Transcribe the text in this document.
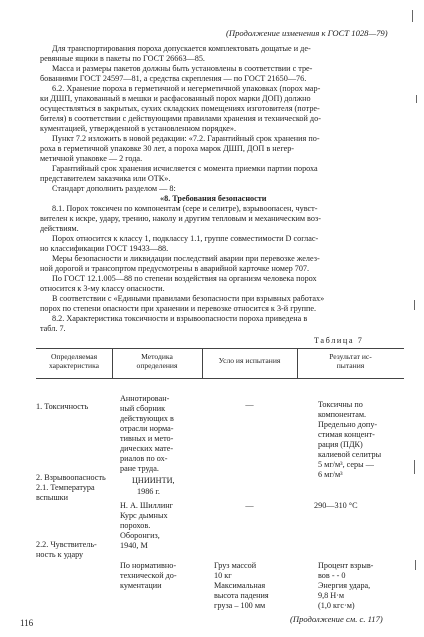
(Продолжение изменения к ГОСТ 1028—79)
Для транспортирования пороха допускается комплектовать дощатые и де-
ревянные ящики в пакеты по ГОСТ 26663—85.
Масса и размеры пакетов должны быть установлены в соответствии с тре-
бованиями ГОСТ 24597—81, а средства скрепления — по ГОСТ 21650—76.
6.2. Хранение пороха в герметичной и негерметичной упаковках (порох мар-
ки ДШП, упакованный в мешки и расфасованный порох марки ДОП) должно
осуществляться в закрытых, сухих складских помещениях изготовителя (потре-
бителя) в соответствии с действующими правилами хранения и технической до-
кументацией, утвержденной в установленном порядке».
Пункт 7.2 изложить в новой редакции: «7.2. Гарантийный срок хранения по-
роха в герметичной упаковке 30 лет, а пороха марок ДШП, ДОП в негер-
метичной упаковке — 2 года.
Гарантийный срок хранения исчисляется с момента приемки партии пороха
представителем заказчика или ОТК».
Стандарт дополнить разделом — 8:
«8. Требования безопасности
8.1. Порох токсичен по компонентам (сере и селитре), взрывоопасен, чувст-
вителен к искре, удару, трению, наколу и другим тепловым и механическим воз-
действиям.
Порох относится к классу 1, подклассу 1.1, группе совместимости D соглас-
но классификации ГОСТ 19433—88.
Меры безопасности и ликвидации последствий аварии при перевозке желез-
ной дорогой и трансопртом предусмотрены в аварийной карточке номер 707.
По ГОСТ 12.1.005—88 по степени воздействия на организм человека порох
относится к 3-му классу опасности.
В соответствии с «Едиными правилами безопасности при взрывных работах»
порох по степени опасности при хранении и перевозке относится к 3-й группе.
8.2. Характеристика токсичности и взрывоопасности пороха приведена в
табл. 7.
Таблица 7
Определяемая
характеристика
Методика
определения
Усло ия испытания	Результат ис-
пытания
1. Токсичность
2. Взрывоопасность
2.1. Температура
вспышки
2.2. Чувствитель-
ность к удару
Аннотирован-
ный сборник
действующих в
отрасли норма-
тивных и мето-
дических мате-
риалов по ох-
ране труда.
ЦНИИНТИ,
1986 г.
Н. А. Шиллинг
Курс дымных
порохов.
Оборонгиз,
1940, М
По нормативно-
технической до-
кументации
—
—
Груз массой
10 кг
Максимальная
высота падения
груза – 100 мм
Токсичны по
компонентам.
Предельно допу-
стимая концент-
рация (ПДК)
калиевой селитры
5 мг/м³, серы —
6 мг/м³
290—310 °С
Процент взрыв-
вов - - 0
Энергия удара,
9,8 Н·м
(1,0 кгс·м)
(Продолжение см. с. 117)
116
